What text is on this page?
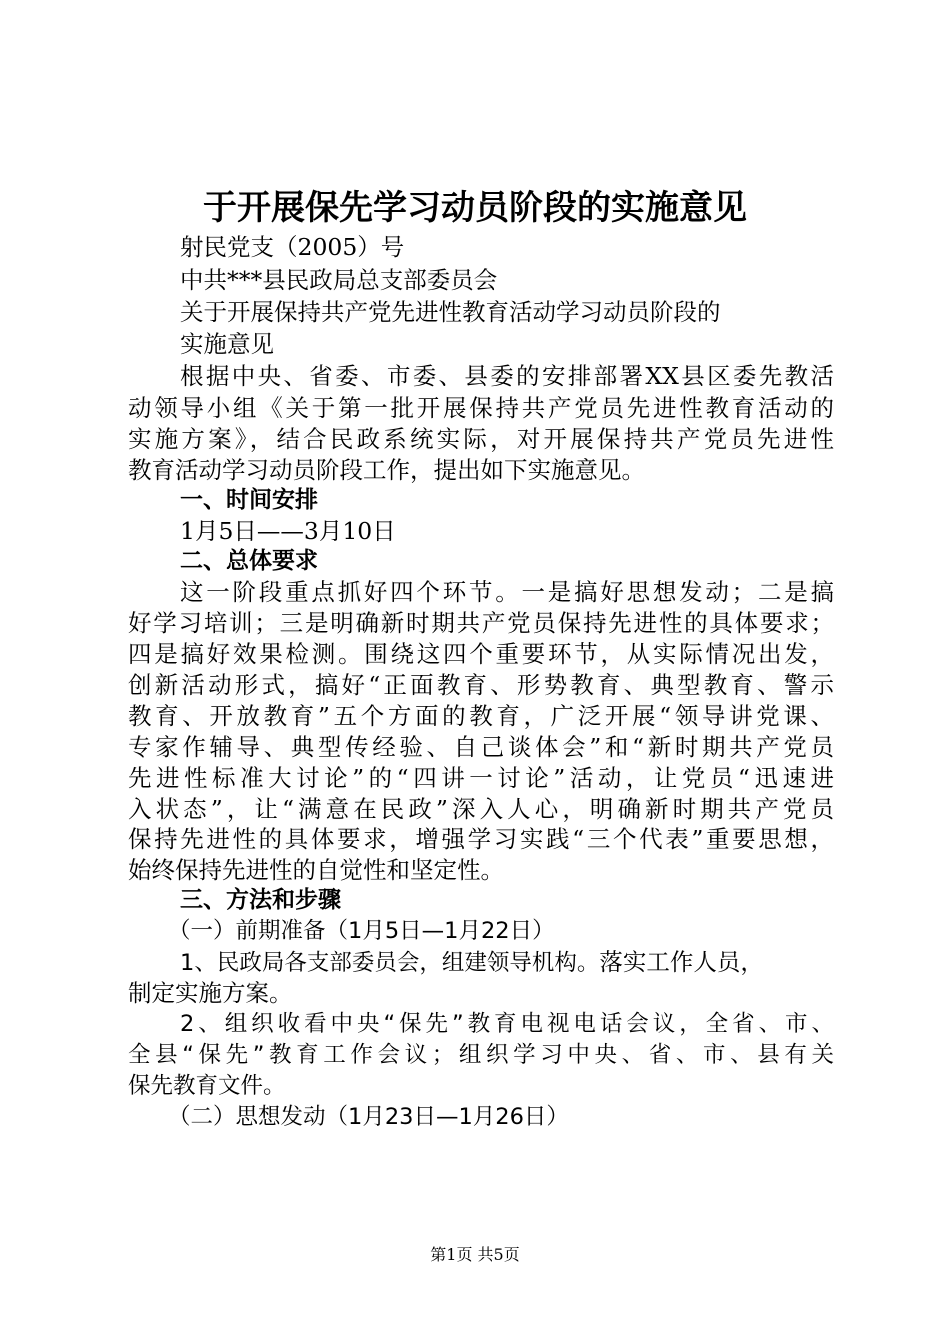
于开展保先学习动员阶段的实施意见
射民党支（2005）号
中共***县民政局总支部委员会
关于开展保持共产党先进性教育活动学习动员阶段的
实施意见
根据中央、省委、市委、县委的安排部署XX县区委先教活
动领导小组《关于第一批开展保持共产党员先进性教育活动的
实施方案》，结合民政系统实际，对开展保持共产党员先进性
教育活动学习动员阶段工作，提出如下实施意见。
一、时间安排
1月5日——3月10日
二、总体要求
这一阶段重点抓好四个环节。一是搞好思想发动；二是搞
好学习培训；三是明确新时期共产党员保持先进性的具体要求；
四是搞好效果检测。围绕这四个重要环节，从实际情况出发，
创新活动形式，搞好“正面教育、形势教育、典型教育、警示
教育、开放教育”五个方面的教育，广泛开展“领导讲党课、
专家作辅导、典型传经验、自己谈体会”和“新时期共产党员
先进性标准大讨论”的“四讲一讨论”活动，让党员“迅速进
入状态”，让“满意在民政”深入人心，明确新时期共产党员
保持先进性的具体要求，增强学习实践“三个代表”重要思想，
始终保持先进性的自觉性和坚定性。
三、方法和步骤
（一）前期准备（1月5日—1月22日）
1、民政局各支部委员会，组建领导机构。落实工作人员，
制定实施方案。
2、组织收看中央“保先”教育电视电话会议，全省、市、
全县“保先”教育工作会议；组织学习中央、省、市、县有关
保先教育文件。
（二）思想发动（1月23日—1月26日）
第1页 共5页
